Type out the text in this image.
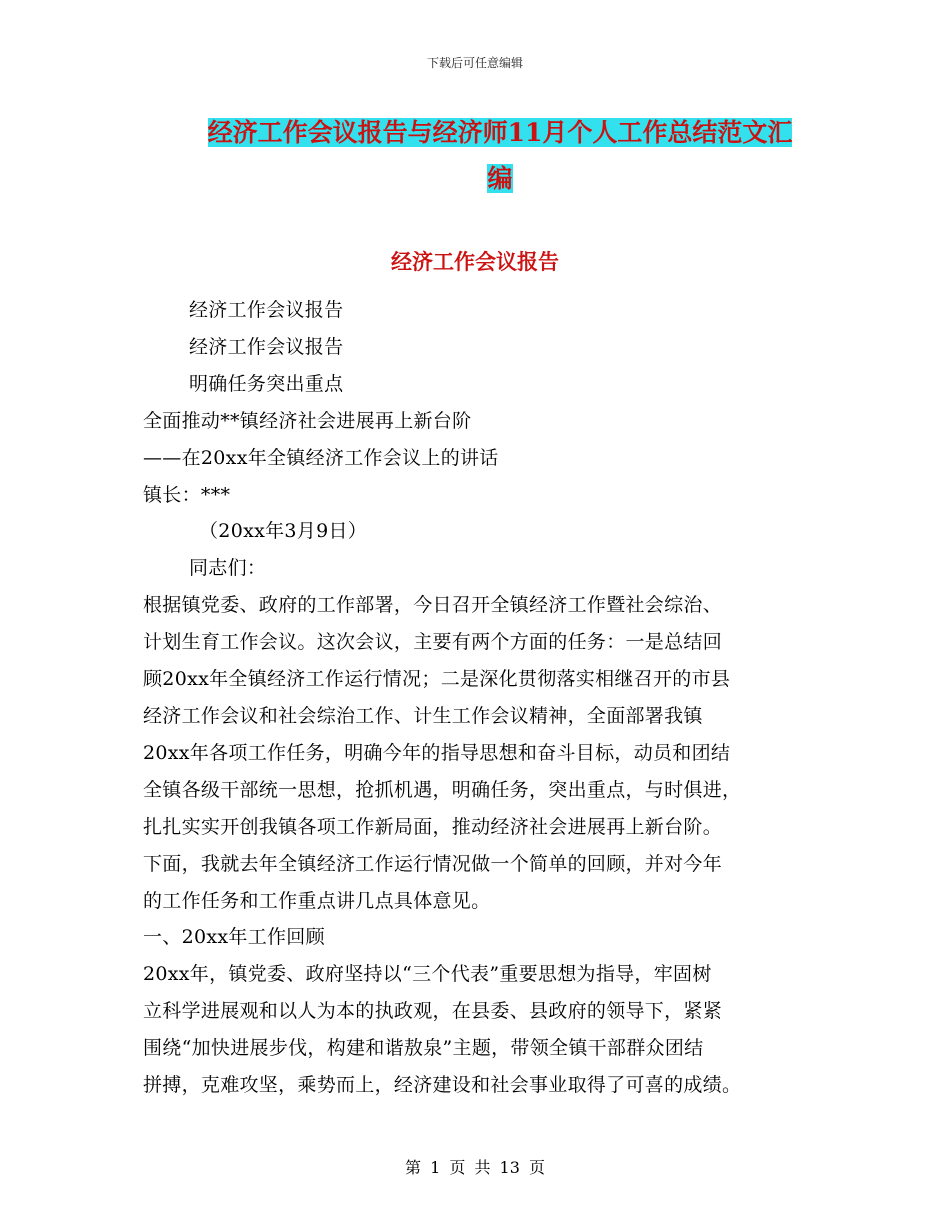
下载后可任意编辑
经济工作会议报告与经济师11月个人工作总结范文汇
编
经济工作会议报告

经济工作会议报告

经济工作会议报告

明确任务突出重点

全面推动**镇经济社会进展再上新台阶

——在20xx年全镇经济工作会议上的讲话

镇长：***

（20xx年3月9日）

同志们：

根据镇党委、政府的工作部署，今日召开全镇经济工作暨社会综治、

计划生育工作会议。这次会议，主要有两个方面的任务：一是总结回

顾20xx年全镇经济工作运行情况；二是深化贯彻落实相继召开的市县

经济工作会议和社会综治工作、计生工作会议精神，全面部署我镇

20xx年各项工作任务，明确今年的指导思想和奋斗目标，动员和团结

全镇各级干部统一思想，抢抓机遇，明确任务，突出重点，与时俱进，

扎扎实实开创我镇各项工作新局面，推动经济社会进展再上新台阶。

下面，我就去年全镇经济工作运行情况做一个简单的回顾，并对今年

的工作任务和工作重点讲几点具体意见。

一、20xx年工作回顾

20xx年，镇党委、政府坚持以“三个代表”重要思想为指导，牢固树

立科学进展观和以人为本的执政观，在县委、县政府的领导下，紧紧

围绕“加快进展步伐，构建和谐敖泉”主题，带领全镇干部群众团结

拼搏，克难攻坚，乘势而上，经济建设和社会事业取得了可喜的成绩。

第 1 页 共 13 页
